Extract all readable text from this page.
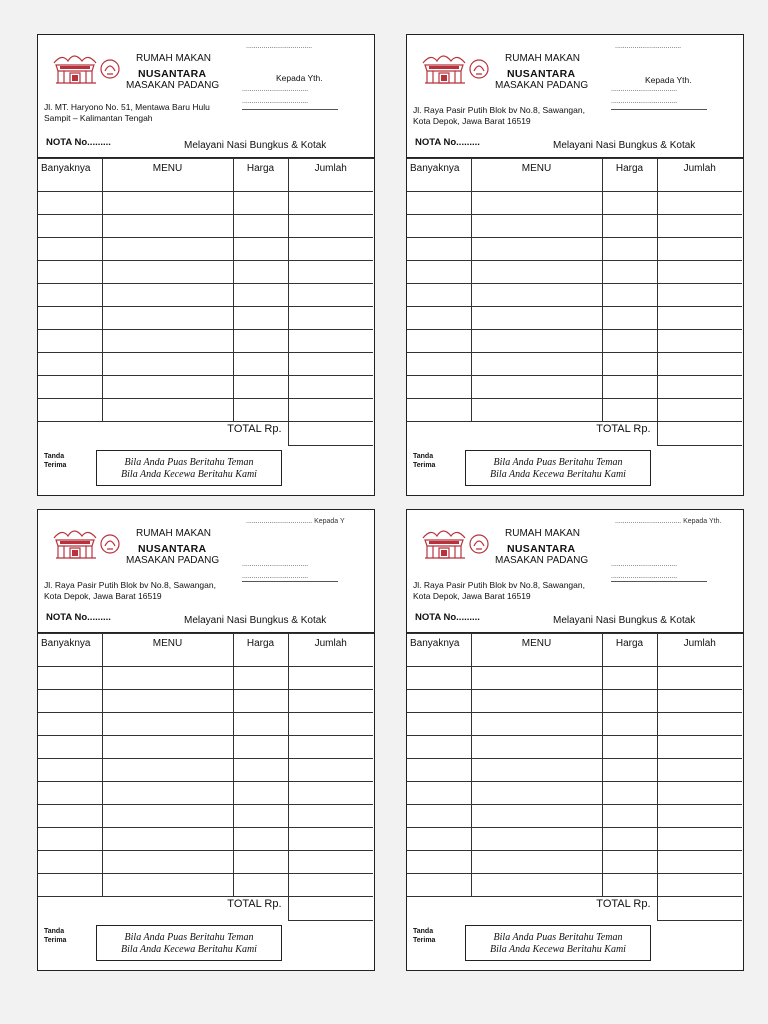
RUMAH MAKAN
NUSANTARA
MASAKAN PADANG
Jl. MT. Haryono No. 51, Mentawa Baru Hulu Sampit – Kalimantan Tengah
..................................
Kepada Yth.
..................................
..................................
NOTA No.........	Melayani Nasi Bungkus & Kotak
Banyaknya	MENU	Harga	Jumlah

TOTAL Rp.			

Tanda Terima	Bila Anda Puas Beritahu Teman
Bila Anda Kecewa Beritahu Kami
RUMAH MAKAN
NUSANTARA
MASAKAN PADANG
Jl. Raya Pasir Putih Blok bv No.8, Sawangan, Kota Depok, Jawa Barat 16519
..................................
Kepada Yth.
..................................
..................................
NOTA No.........	Melayani Nasi Bungkus & Kotak
Banyaknya	MENU	Harga	Jumlah

TOTAL Rp.			

Tanda Terima	Bila Anda Puas Beritahu Teman
Bila Anda Kecewa Beritahu Kami
RUMAH MAKAN
NUSANTARA
MASAKAN PADANG
Jl. Raya Pasir Putih Blok bv No.8, Sawangan, Kota Depok, Jawa Barat 16519
.................................. Kepada Y
..................................
..................................
NOTA No.........	Melayani Nasi Bungkus & Kotak
Banyaknya	MENU	Harga	Jumlah

TOTAL Rp.			

Tanda Terima	Bila Anda Puas Beritahu Teman
Bila Anda Kecewa Beritahu Kami
RUMAH MAKAN
NUSANTARA
MASAKAN PADANG
Jl. Raya Pasir Putih Blok bv No.8, Sawangan, Kota Depok, Jawa Barat 16519
.................................. Kepada Yth.
..................................
..................................
NOTA No.........	Melayani Nasi Bungkus & Kotak
Banyaknya	MENU	Harga	Jumlah

TOTAL Rp.			

Tanda Terima	Bila Anda Puas Beritahu Teman
Bila Anda Kecewa Beritahu Kami
